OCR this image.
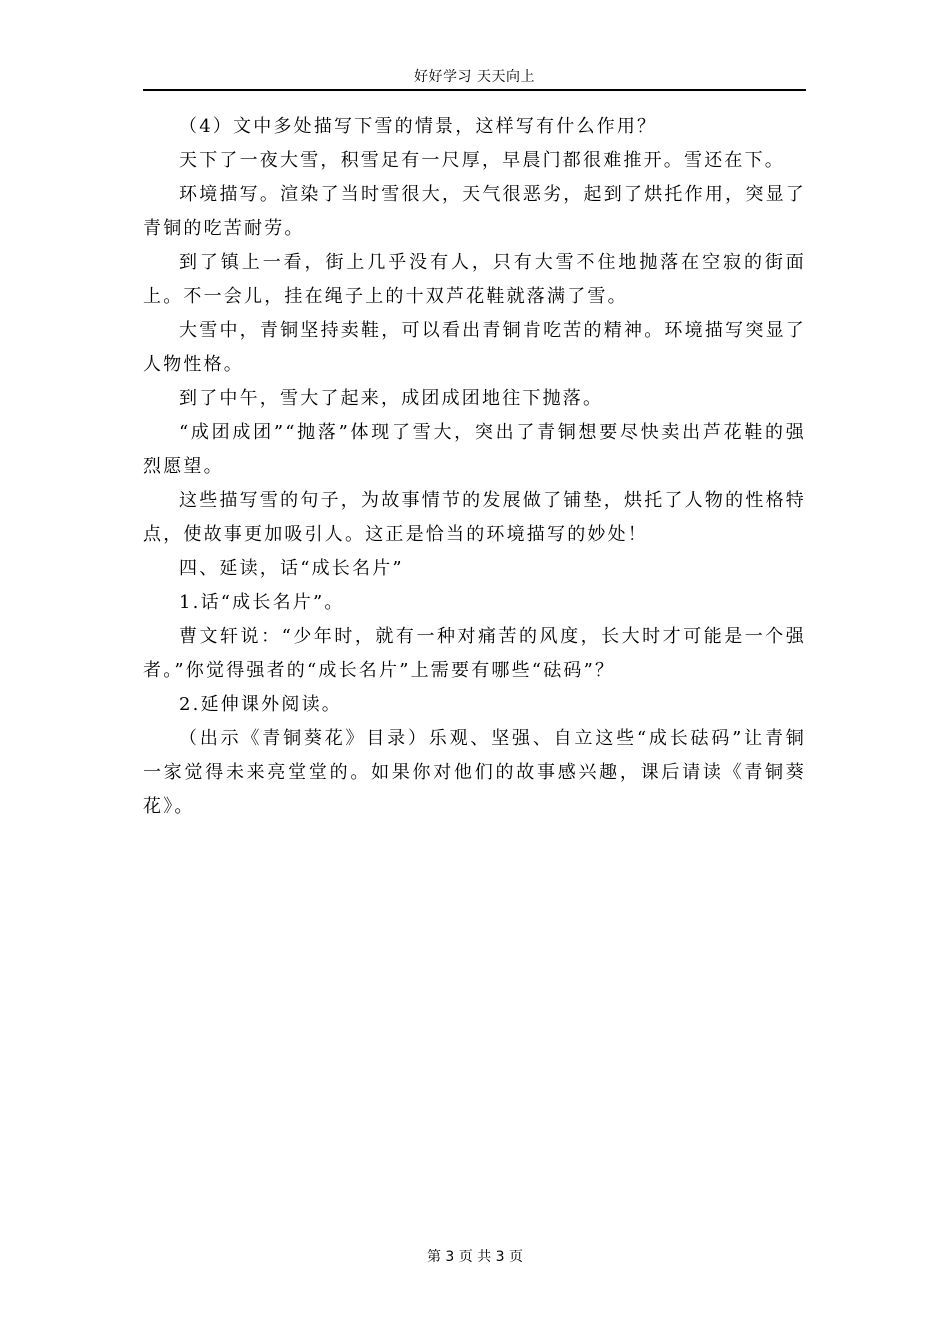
好好学习 天天向上

（4）文中多处描写下雪的情景，这样写有什么作用？

天下了一夜大雪，积雪足有一尺厚，早晨门都很难推开。雪还在下。

环境描写。渲染了当时雪很大，天气很恶劣，起到了烘托作用，突显了青铜的吃苦耐劳。

到了镇上一看，街上几乎没有人，只有大雪不住地抛落在空寂的街面上。不一会儿，挂在绳子上的十双芦花鞋就落满了雪。

大雪中，青铜坚持卖鞋，可以看出青铜肯吃苦的精神。环境描写突显了人物性格。

到了中午，雪大了起来，成团成团地往下抛落。

“成团成团”“抛落”体现了雪大，突出了青铜想要尽快卖出芦花鞋的强烈愿望。

这些描写雪的句子，为故事情节的发展做了铺垫，烘托了人物的性格特点，使故事更加吸引人。这正是恰当的环境描写的妙处！

四、延读，话“成长名片”

1.话“成长名片”。

曹文轩说：“少年时，就有一种对痛苦的风度，长大时才可能是一个强者。”你觉得强者的“成长名片”上需要有哪些“砝码”？

2.延伸课外阅读。

（出示《青铜葵花》目录）乐观、坚强、自立这些“成长砝码”让青铜一家觉得未来亮堂堂的。如果你对他们的故事感兴趣，课后请读《青铜葵花》。

第 3 页 共 3 页
